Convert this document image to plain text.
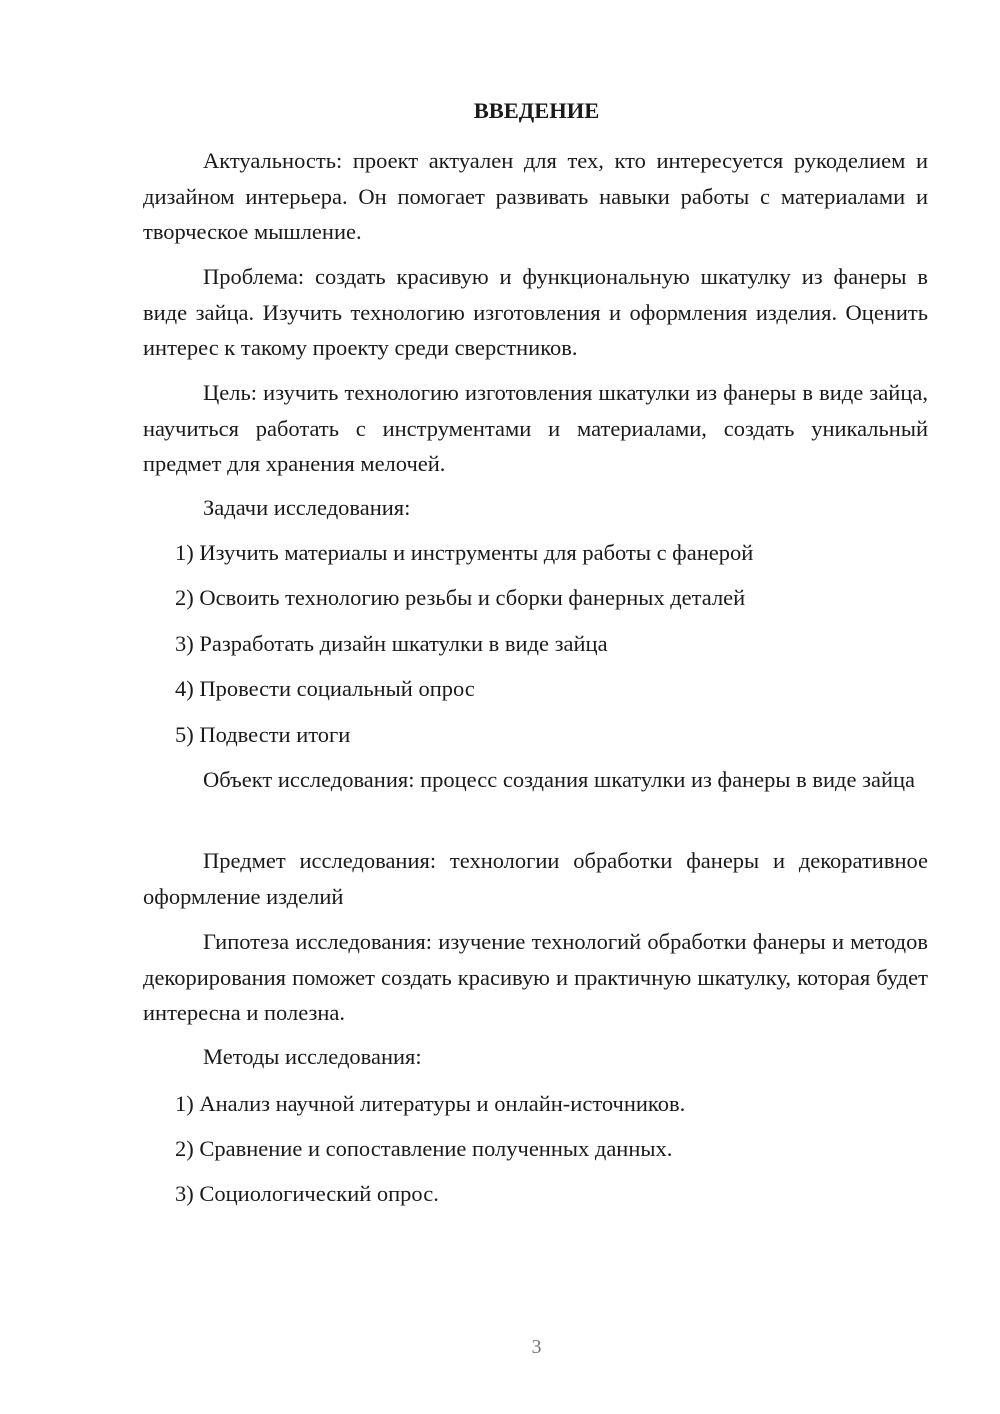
ВВЕДЕНИЕ

Актуальность: проект актуален для тех, кто интересуется рукоделием и дизайном интерьера. Он помогает развивать навыки работы с материалами и творческое мышление.

Проблема: создать красивую и функциональную шкатулку из фанеры в виде зайца. Изучить технологию изготовления и оформления изделия. Оценить интерес к такому проекту среди сверстников.

Цель: изучить технологию изготовления шкатулки из фанеры в виде зайца, научиться работать с инструментами и материалами, создать уникальный предмет для хранения мелочей.

Задачи исследования:

1) Изучить материалы и инструменты для работы с фанерой

2) Освоить технологию резьбы и сборки фанерных деталей

3) Разработать дизайн шкатулки в виде зайца

4) Провести социальный опрос

5) Подвести итоги

Объект исследования: процесс создания шкатулки из фанеры в виде зайца

Предмет исследования: технологии обработки фанеры и декоративное оформление изделий

Гипотеза исследования: изучение технологий обработки фанеры и методов декорирования поможет создать красивую и практичную шкатулку, которая будет интересна и полезна.

Методы исследования:

1) Анализ научной литературы и онлайн-источников.

2) Сравнение и сопоставление полученных данных.

3) Социологический опрос.

3
